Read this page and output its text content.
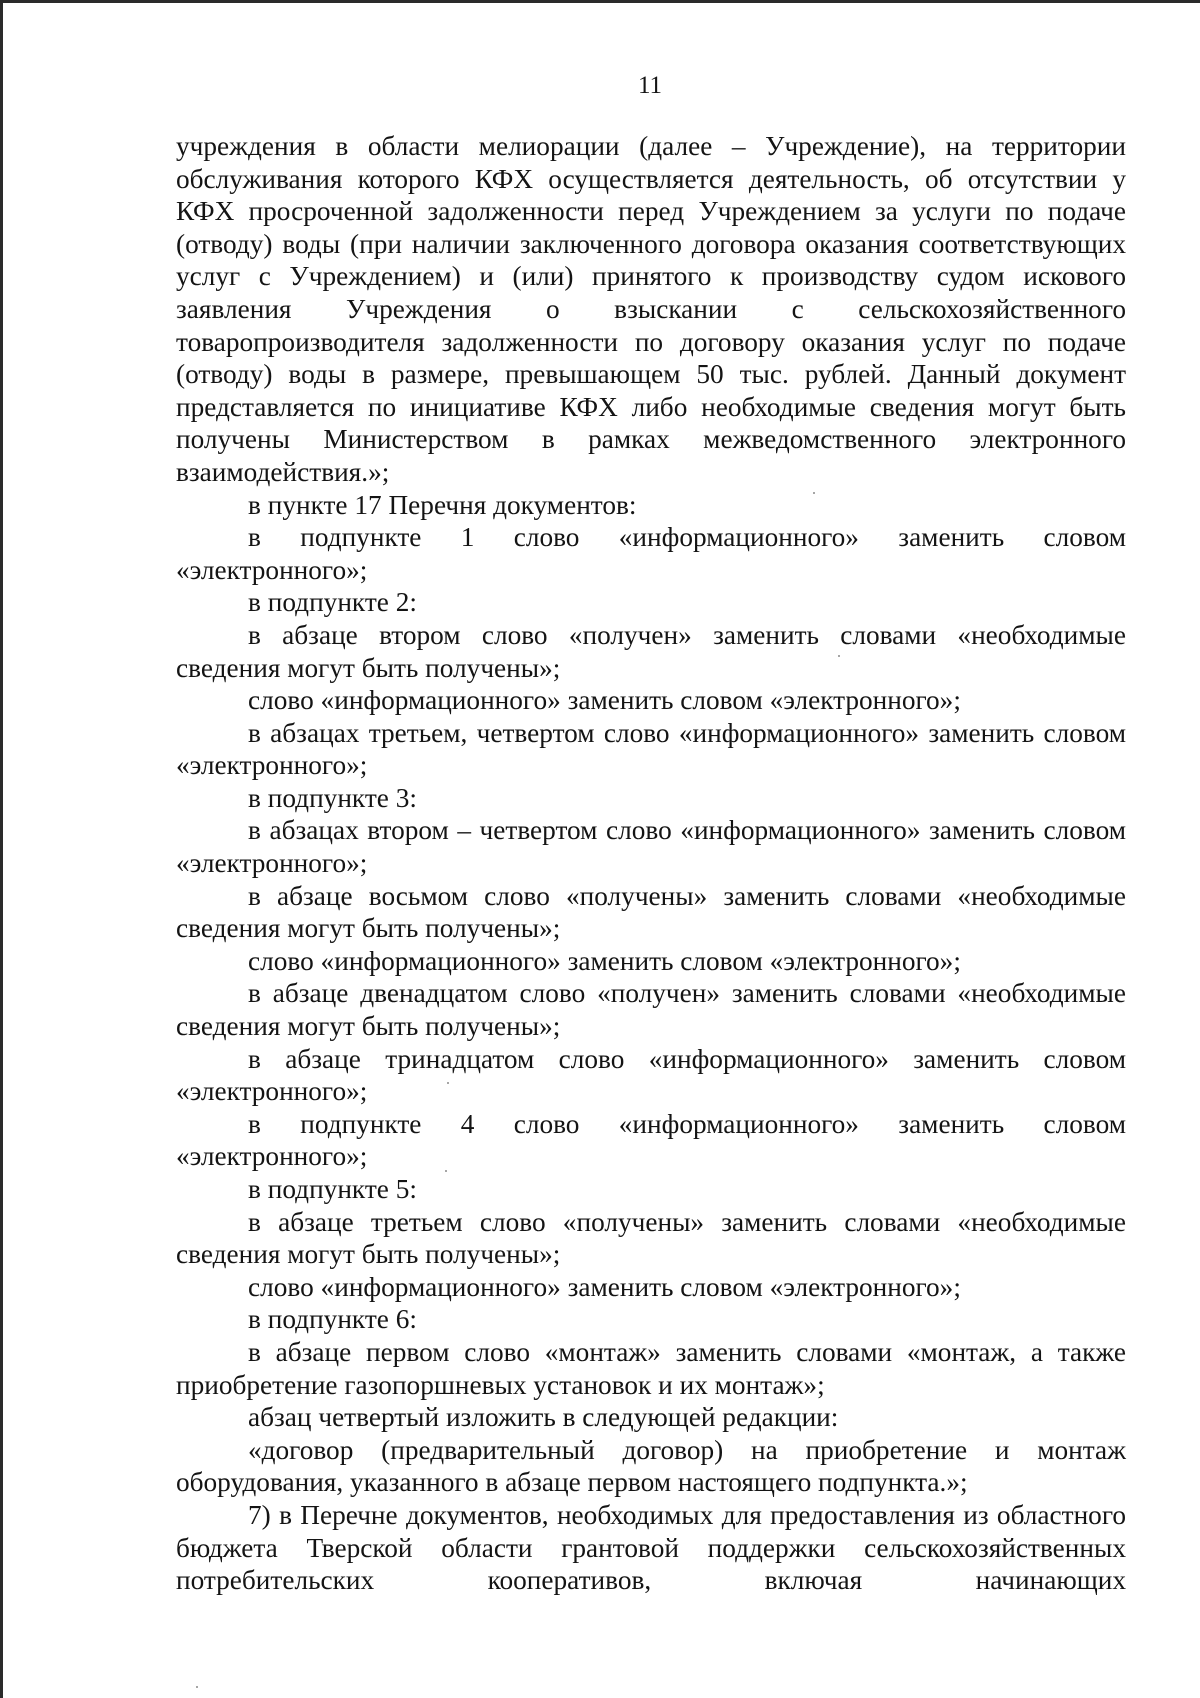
11

учреждения в области мелиорации (далее – Учреждение), на территории обслуживания которого КФХ осуществляется деятельность, об отсутствии у КФХ просроченной задолженности перед Учреждением за услуги по подаче (отводу) воды (при наличии заключенного договора оказания соответствующих услуг с Учреждением) и (или) принятого к производству судом искового заявления Учреждения о взыскании с сельскохозяйственного товаропроизводителя задолженности по договору оказания услуг по подаче (отводу) воды в размере, превышающем 50 тыс. рублей. Данный документ представляется по инициативе КФХ либо необходимые сведения могут быть получены Министерством в рамках межведомственного электронного взаимодействия.»;

в пункте 17 Перечня документов:

в подпункте 1 слово «информационного» заменить словом «электронного»;

в подпункте 2:

в абзаце втором слово «получен» заменить словами «необходимые сведения могут быть получены»;

слово «информационного» заменить словом «электронного»;

в абзацах третьем, четвертом слово «информационного» заменить словом «электронного»;

в подпункте 3:

в абзацах втором – четвертом слово «информационного» заменить словом «электронного»;

в абзаце восьмом слово «получены» заменить словами «необходимые сведения могут быть получены»;

слово «информационного» заменить словом «электронного»;

в абзаце двенадцатом слово «получен» заменить словами «необходимые сведения могут быть получены»;

в абзаце тринадцатом слово «информационного» заменить словом «электронного»;

в подпункте 4 слово «информационного» заменить словом «электронного»;

в подпункте 5:

в абзаце третьем слово «получены» заменить словами «необходимые сведения могут быть получены»;

слово «информационного» заменить словом «электронного»;

в подпункте 6:

в абзаце первом слово «монтаж» заменить словами «монтаж, а также приобретение газопоршневых установок и их монтаж»;

абзац четвертый изложить в следующей редакции:

«договор (предварительный договор) на приобретение и монтаж оборудования, указанного в абзаце первом настоящего подпункта.»;

7) в Перечне документов, необходимых для предоставления из областного бюджета Тверской области грантовой поддержки сельскохозяйственных потребительских кооперативов, включая начинающих
